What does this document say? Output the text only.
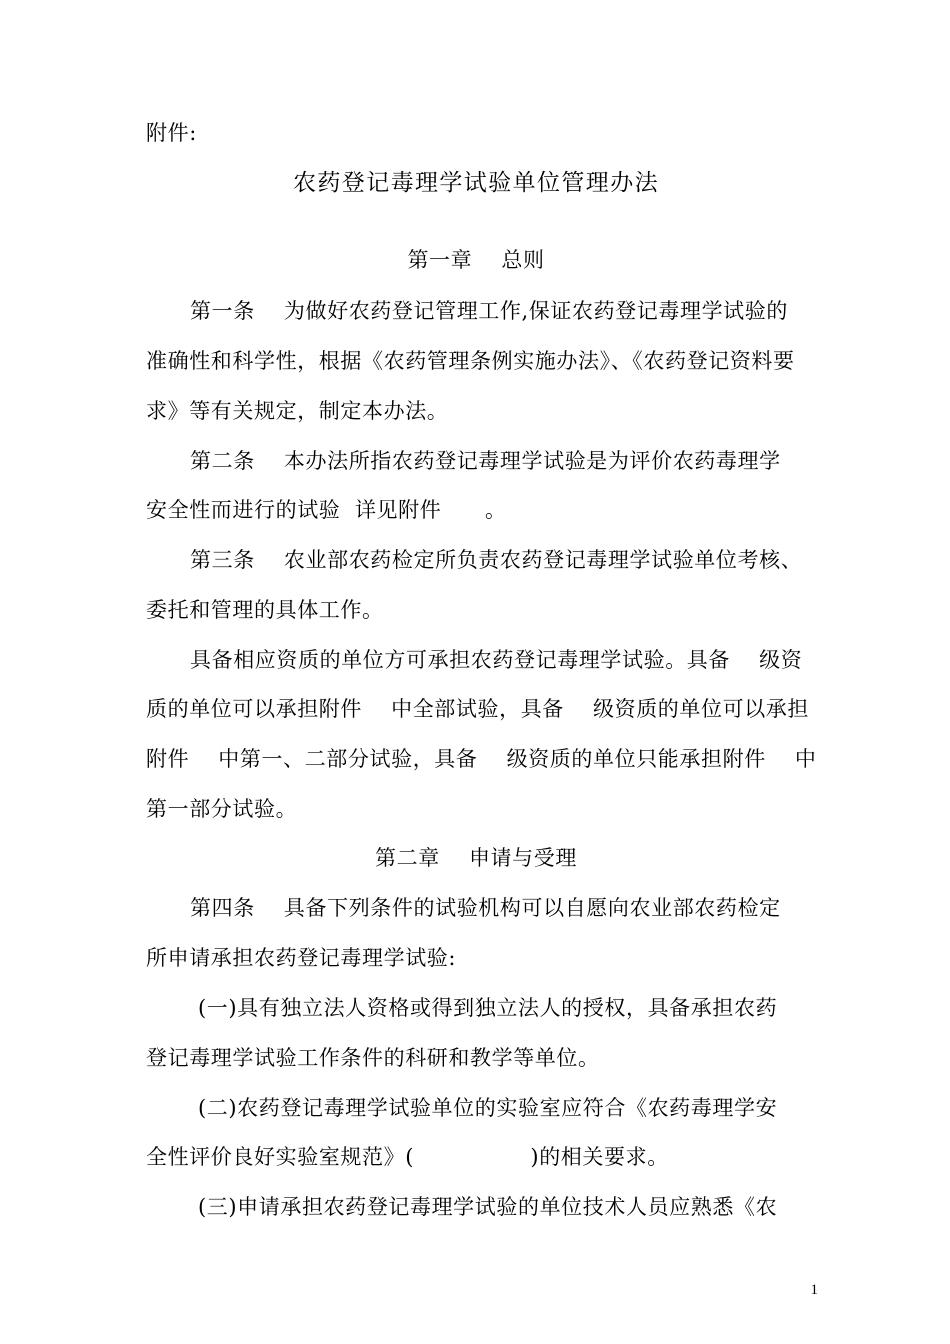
附件:
农药登记毒理学试验单位管理办法
第一章    总则
第一条    为做好农药登记管理工作,保证农药登记毒理学试验的
准确性和科学性，根据《农药管理条例实施办法》、《农药登记资料要
求》等有关规定，制定本办法。
第二条    本办法所指农药登记毒理学试验是为评价农药毒理学
安全性而进行的试验  详见附件      。
第三条    农业部农药检定所负责农药登记毒理学试验单位考核、
委托和管理的具体工作。
具备相应资质的单位方可承担农药登记毒理学试验。具备    级资
质的单位可以承担附件    中全部试验，具备    级资质的单位可以承担
附件    中第一、二部分试验，具备    级资质的单位只能承担附件    中
第一部分试验。
第二章    申请与受理
第四条    具备下列条件的试验机构可以自愿向农业部农药检定
所申请承担农药登记毒理学试验:
(一)具有独立法人资格或得到独立法人的授权，具备承担农药
登记毒理学试验工作条件的科研和教学等单位。
(二)农药登记毒理学试验单位的实验室应符合《农药毒理学安
全性评价良好实验室规范》(                )的相关要求。
(三)申请承担农药登记毒理学试验的单位技术人员应熟悉《农
1
